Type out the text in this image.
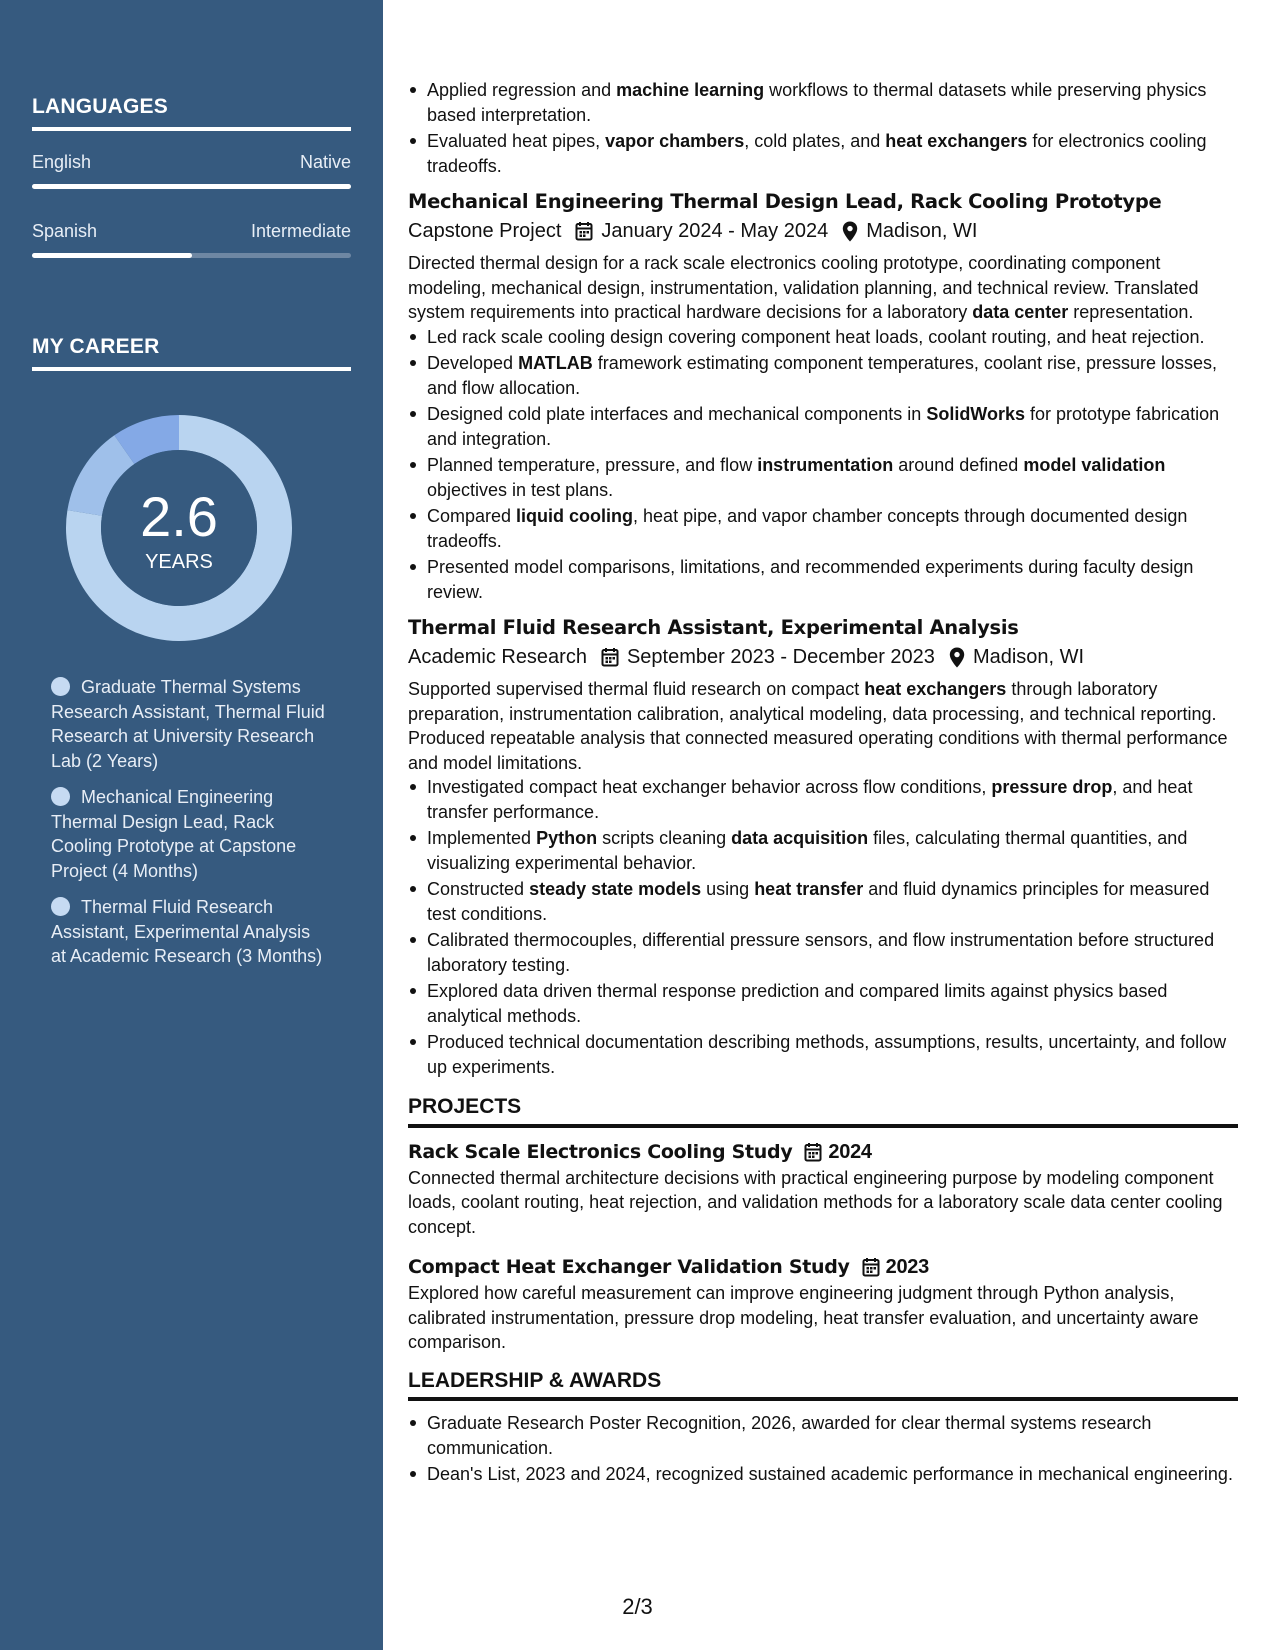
LANGUAGES
English	Native
Spanish	Intermediate
MY CAREER
2.6
YEARS
Graduate Thermal Systems Research Assistant, Thermal Fluid Research at University Research Lab (2 Years)
Mechanical Engineering Thermal Design Lead, Rack Cooling Prototype at Capstone Project (4 Months)
Thermal Fluid Research Assistant, Experimental Analysis at Academic Research (3 Months)
Applied regression and machine learning workflows to thermal datasets while preserving physics based interpretation.
Evaluated heat pipes, vapor chambers, cold plates, and heat exchangers for electronics cooling tradeoffs.
Mechanical Engineering Thermal Design Lead, Rack Cooling Prototype
Capstone Project January 2024 - May 2024 Madison, WI

Directed thermal design for a rack scale electronics cooling prototype, coordinating component modeling, mechanical design, instrumentation, validation planning, and technical review. Translated system requirements into practical hardware decisions for a laboratory data center representation.

Led rack scale cooling design covering component heat loads, coolant routing, and heat rejection.
Developed MATLAB framework estimating component temperatures, coolant rise, pressure losses, and flow allocation.
Designed cold plate interfaces and mechanical components in SolidWorks for prototype fabrication and integration.
Planned temperature, pressure, and flow instrumentation around defined model validation objectives in test plans.
Compared liquid cooling, heat pipe, and vapor chamber concepts through documented design tradeoffs.
Presented model comparisons, limitations, and recommended experiments during faculty design review.
Thermal Fluid Research Assistant, Experimental Analysis
Academic Research September 2023 - December 2023 Madison, WI

Supported supervised thermal fluid research on compact heat exchangers through laboratory preparation, instrumentation calibration, analytical modeling, data processing, and technical reporting. Produced repeatable analysis that connected measured operating conditions with thermal performance and model limitations.

Investigated compact heat exchanger behavior across flow conditions, pressure drop, and heat transfer performance.
Implemented Python scripts cleaning data acquisition files, calculating thermal quantities, and visualizing experimental behavior.
Constructed steady state models using heat transfer and fluid dynamics principles for measured test conditions.
Calibrated thermocouples, differential pressure sensors, and flow instrumentation before structured laboratory testing.
Explored data driven thermal response prediction and compared limits against physics based analytical methods.
Produced technical documentation describing methods, assumptions, results, uncertainty, and follow up experiments.
PROJECTS
Rack Scale Electronics Cooling Study 2024

Connected thermal architecture decisions with practical engineering purpose by modeling component loads, coolant routing, heat rejection, and validation methods for a laboratory scale data center cooling concept.

Compact Heat Exchanger Validation Study 2023

Explored how careful measurement can improve engineering judgment through Python analysis, calibrated instrumentation, pressure drop modeling, heat transfer evaluation, and uncertainty aware comparison.

LEADERSHIP & AWARDS
Graduate Research Poster Recognition, 2026, awarded for clear thermal systems research communication.
Dean's List, 2023 and 2024, recognized sustained academic performance in mechanical engineering.
2/3
